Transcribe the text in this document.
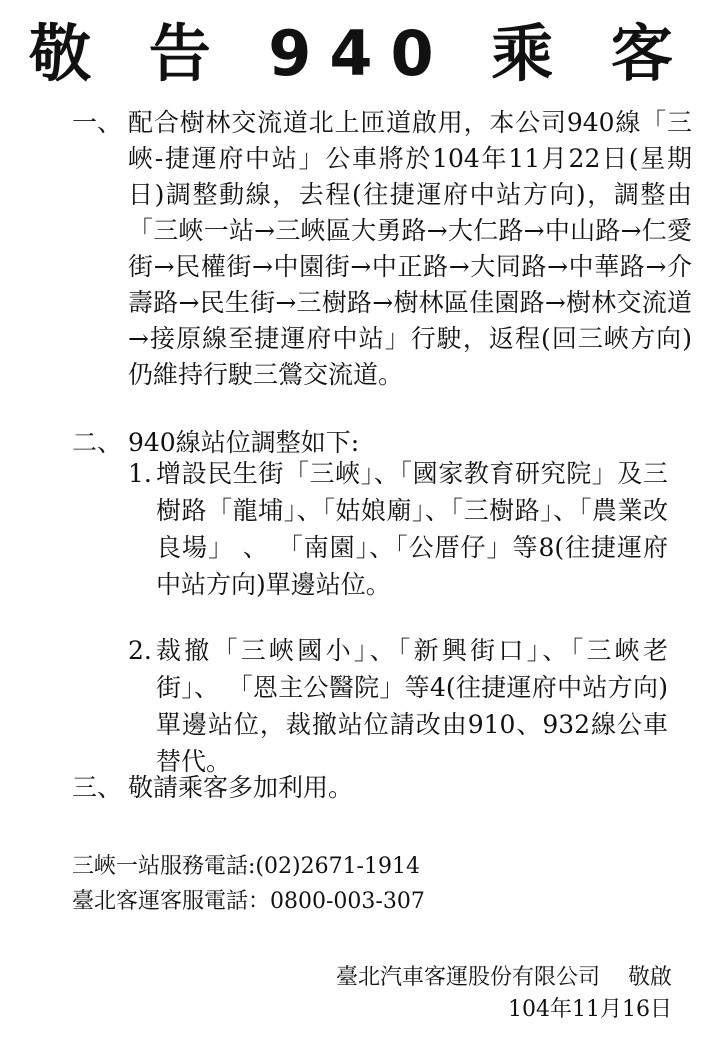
敬 告 940 乘 客
一、 配合樹林交流道北上匝道啟用，本公司940線「三峽-捷運府中站」公車將於104年11月22日(星期日)調整動線，去程(往捷運府中站方向)，調整由「三峽一站→三峽區大勇路→大仁路→中山路→仁愛街→民權街→中園街→中正路→大同路→中華路→介壽路→民生街→三樹路→樹林區佳園路→樹林交流道→接原線至捷運府中站」行駛，返程(回三峽方向)仍維持行駛三鶯交流道。
二、 940線站位調整如下:
1. 增設民生街「三峽」、「國家教育研究院」及三樹路「龍埔」、「姑娘廟」、「三樹路」、「農業改良場」 、 「南園」、「公厝仔」等8(往捷運府中站方向)單邊站位。
2. 裁撤「三峽國小」、「新興街口」、「三峽老街」、 「恩主公醫院」等4(往捷運府中站方向)單邊站位，裁撤站位請改由910、932線公車替代。
三、 敬請乘客多加利用。
三峽一站服務電話:(02)2671-1914
臺北客運客服電話：0800-003-307
臺北汽車客運股份有限公司 敬啟
104年11月16日
